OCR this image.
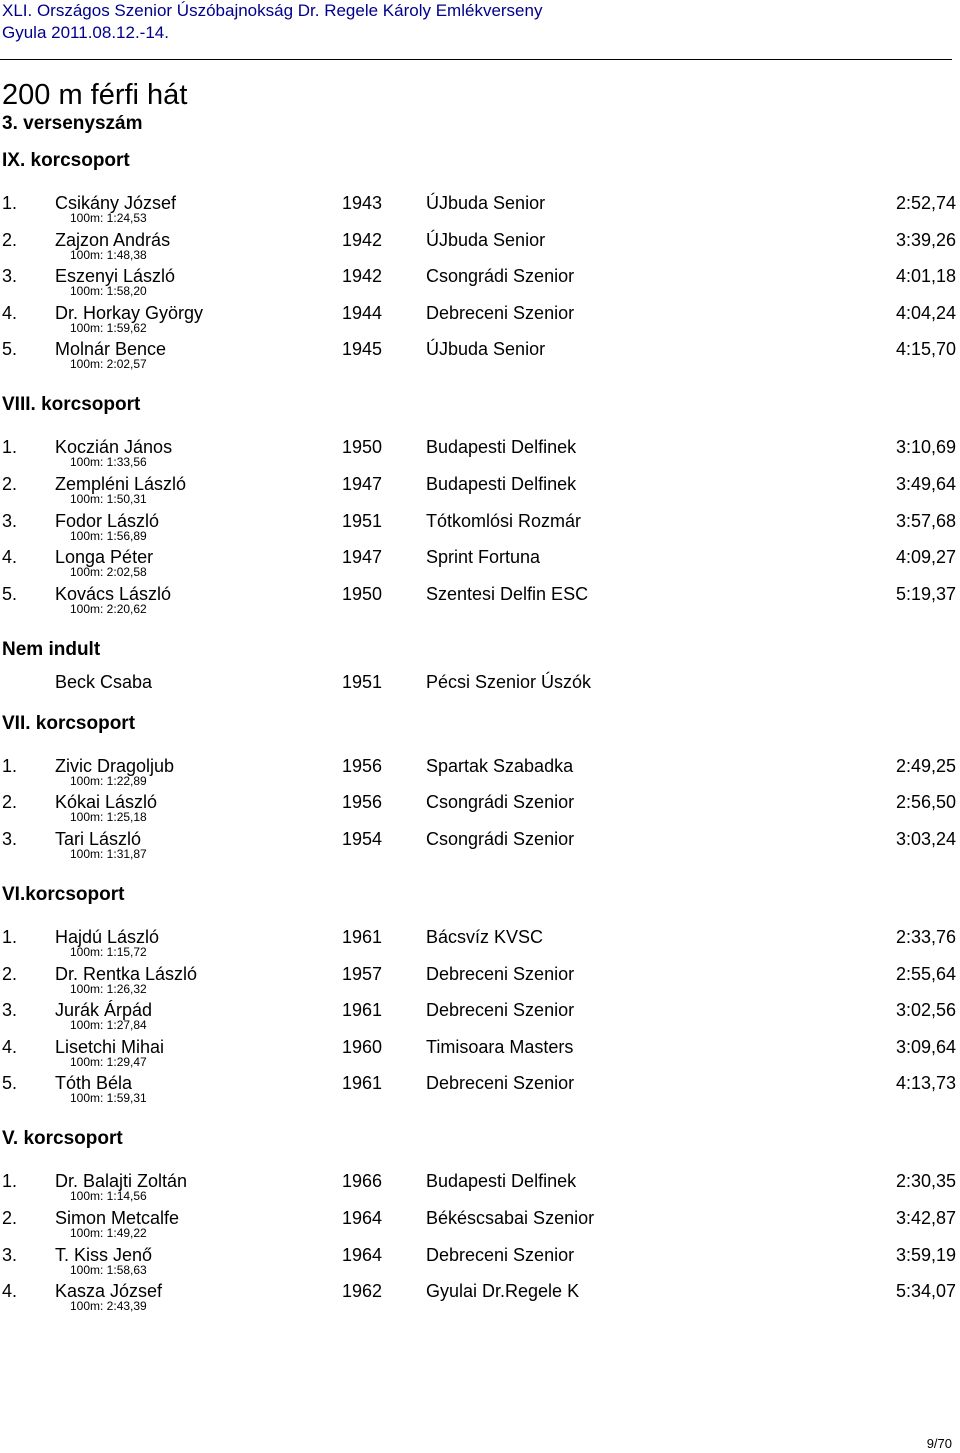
XLI. Országos Szenior Úszóbajnokság Dr. Regele Károly Emlékverseny
Gyula 2011.08.12.-14.
200 m férfi hát
3. versenyszám
IX. korcsoport
1. Csikány József	1943 ÚJbuda Senior	2:52,74
100m: 1:24,53
2. Zajzon András	1942 ÚJbuda Senior	3:39,26
100m: 1:48,38
3. Eszenyi László	1942 Csongrádi Szenior	4:01,18
100m: 1:58,20
4. Dr. Horkay György	1944 Debreceni Szenior	4:04,24
100m: 1:59,62
5. Molnár Bence	1945 ÚJbuda Senior	4:15,70
100m: 2:02,57
VIII. korcsoport
1. Koczián János	1950 Budapesti Delfinek	3:10,69
100m: 1:33,56
2. Zempléni László	1947 Budapesti Delfinek	3:49,64
100m: 1:50,31
3. Fodor László	1951 Tótkomlósi Rozmár	3:57,68
100m: 1:56,89
4. Longa Péter	1947 Sprint Fortuna	4:09,27
100m: 2:02,58
5. Kovács László	1950 Szentesi Delfin ESC	5:19,37
100m: 2:20,62
Nem indult
Beck Csaba	1951 Pécsi Szenior Úszók
VII. korcsoport
1. Zivic Dragoljub	1956 Spartak Szabadka	2:49,25
100m: 1:22,89
2. Kókai László	1956 Csongrádi Szenior	2:56,50
100m: 1:25,18
3. Tari László	1954 Csongrádi Szenior	3:03,24
100m: 1:31,87
VI.korcsoport
1. Hajdú László	1961 Bácsvíz KVSC	2:33,76
100m: 1:15,72
2. Dr. Rentka László	1957 Debreceni Szenior	2:55,64
100m: 1:26,32
3. Jurák Árpád	1961 Debreceni Szenior	3:02,56
100m: 1:27,84
4. Lisetchi Mihai	1960 Timisoara Masters	3:09,64
100m: 1:29,47
5. Tóth Béla	1961 Debreceni Szenior	4:13,73
100m: 1:59,31
V. korcsoport
1. Dr. Balajti Zoltán	1966 Budapesti Delfinek	2:30,35
100m: 1:14,56
2. Simon Metcalfe	1964 Békéscsabai Szenior	3:42,87
100m: 1:49,22
3. T. Kiss Jenő	1964 Debreceni Szenior	3:59,19
100m: 1:58,63
4. Kasza József	1962 Gyulai Dr.Regele K	5:34,07
100m: 2:43,39
9/70
